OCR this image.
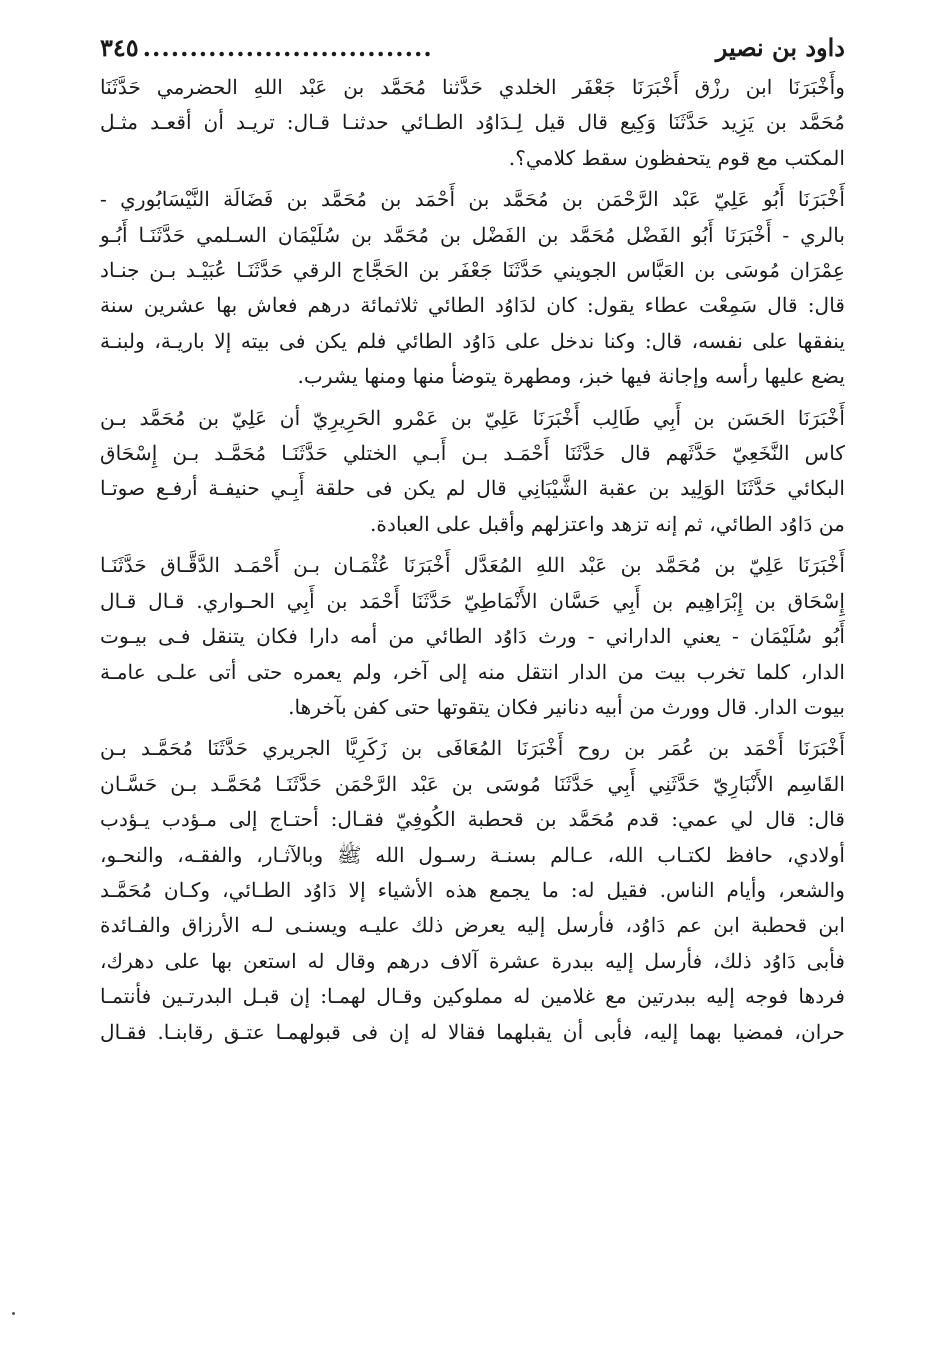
داود بن نصير
...............................
٣٤٥
وأَخْبَرَنَا ابن رزْق أَخْبَرَنَا جَعْفَر الخلدي حَدَّثنا مُحَمَّد بن عَبْد اللهِ الحضرمي حَدَّثَنَا
مُحَمَّد بن يَزِيد حَدَّثَنَا وَكِيع قال قيل لِـدَاوُد الطـائي حدثنـا قـال: تريـد أن أقعـد مثـل
المكتب مع قوم يتحفظون سقط كلامي؟.
أَخْبَرَنَا أَبُو عَلِيّ عَبْد الرَّحْمَن بن مُحَمَّد بن أَحْمَد بن مُحَمَّد بن فَضَالَة النَّيْسَابُوري -
بالري - أَخْبَرَنَا أَبُو الفَضْل مُحَمَّد بن الفَضْل بن مُحَمَّد بن سُلَيْمَان السـلمي حَدَّثَنَـا أَبُـو
عِمْرَان مُوسَى بن العَبَّاس الجويني حَدَّثَنَا جَعْفَر بن الحَجَّاج الرقي حَدَّثَنَـا عُبَيْـد بـن جنـاد
قال: قال سَمِعْت عطاء يقول: كان لدَاوُد الطائي ثلاثمائة درهم فعاش بها عشرين سنة
ينفقها على نفسه، قال: وكنا ندخل على دَاوُد الطائي فلم يكن فى بيته إلا باريـة، ولبنـة
يضع عليها رأسه وإجانة فيها خبز، ومطهرة يتوضأ منها ومنها يشرب.
أَخْبَرَنَا الحَسَن بن أَبِي طَالِب أَخْبَرَنَا عَلِيّ بن عَمْرو الحَرِيرِيّ أن عَلِيّ بن مُحَمَّد بـن
كاس النَّخَعِيّ حَدَّثَهم قال حَدَّثَنَا أَحْمَـد بـن أَبـي الختلي حَدَّثَنَـا مُحَمَّـد بـن إِسْحَاق
البكائي حَدَّثَنَا الوَلِيد بن عقبة الشَّيْبَانِي قال لم يكن فى حلقة أَبِـي حنيفـة أرفـع صوتـا
من دَاوُد الطائي، ثم إنه تزهد واعتزلهم وأقبل على العبادة.
أَخْبَرَنَا عَلِيّ بن مُحَمَّد بن عَبْد اللهِ المُعَدَّل أَخْبَرَنَا عُثْمَـان بـن أَحْمَـد الدَّقَّـاق حَدَّثَنَـا
إِسْحَاق بن إِبْرَاهِيم بن أَبِي حَسَّان الأَنْمَاطِيّ حَدَّثَنَا أَحْمَد بن أَبِي الحـواري. قـال قـال
أَبُو سُلَيْمَان - يعني الداراني - ورث دَاوُد الطائي من أمه دارا فكان يتنقل فـى بيـوت
الدار، كلما تخرب بيت من الدار انتقل منه إلى آخر، ولم يعمره حتى أتى علـى عامـة
بيوت الدار. قال وورث من أبيه دنانير فكان يتقوتها حتى كفن بآخرها.
أَخْبَرَنَا أَحْمَد بن عُمَر بن روح أَخْبَرَنَا المُعَافَى بن زَكَرِيَّا الجريري حَدَّثَنَا مُحَمَّـد بـن
القَاسِم الأَنْبَارِيّ حَدَّثَنِي أَبِي حَدَّثَنَا مُوسَى بن عَبْد الرَّحْمَن حَدَّثَنَـا مُحَمَّـد بـن حَسَّـان
قال: قال لي عمي: قدم مُحَمَّد بن قحطبة الكُوفِيّ فقـال: أحتـاج إلى مـؤدب يـؤدب
أولادي، حافظ لكتـاب الله، عـالم بسنـة رسـول الله ﷺ وبالآثـار، والفقـه، والنحـو،
والشعر، وأيام الناس. فقيل له: ما يجمع هذه الأشياء إلا دَاوُد الطـائي، وكـان مُحَمَّـد
ابن قحطبة ابن عم دَاوُد، فأرسل إليه يعرض ذلك عليـه ويسنـى لـه الأرزاق والفـائدة
فأبى دَاوُد ذلك، فأرسل إليه ببدرة عشرة آلاف درهم وقال له استعن بها على دهرك،
فردها فوجه إليه ببدرتين مع غلامين له مملوكين وقـال لهمـا: إن قبـل البدرتـين فأنتمـا
حران، فمضيا بهما إليه، فأبى أن يقبلهما فقالا له إن فى قبولهمـا عتـق رقابنـا. فقـال
